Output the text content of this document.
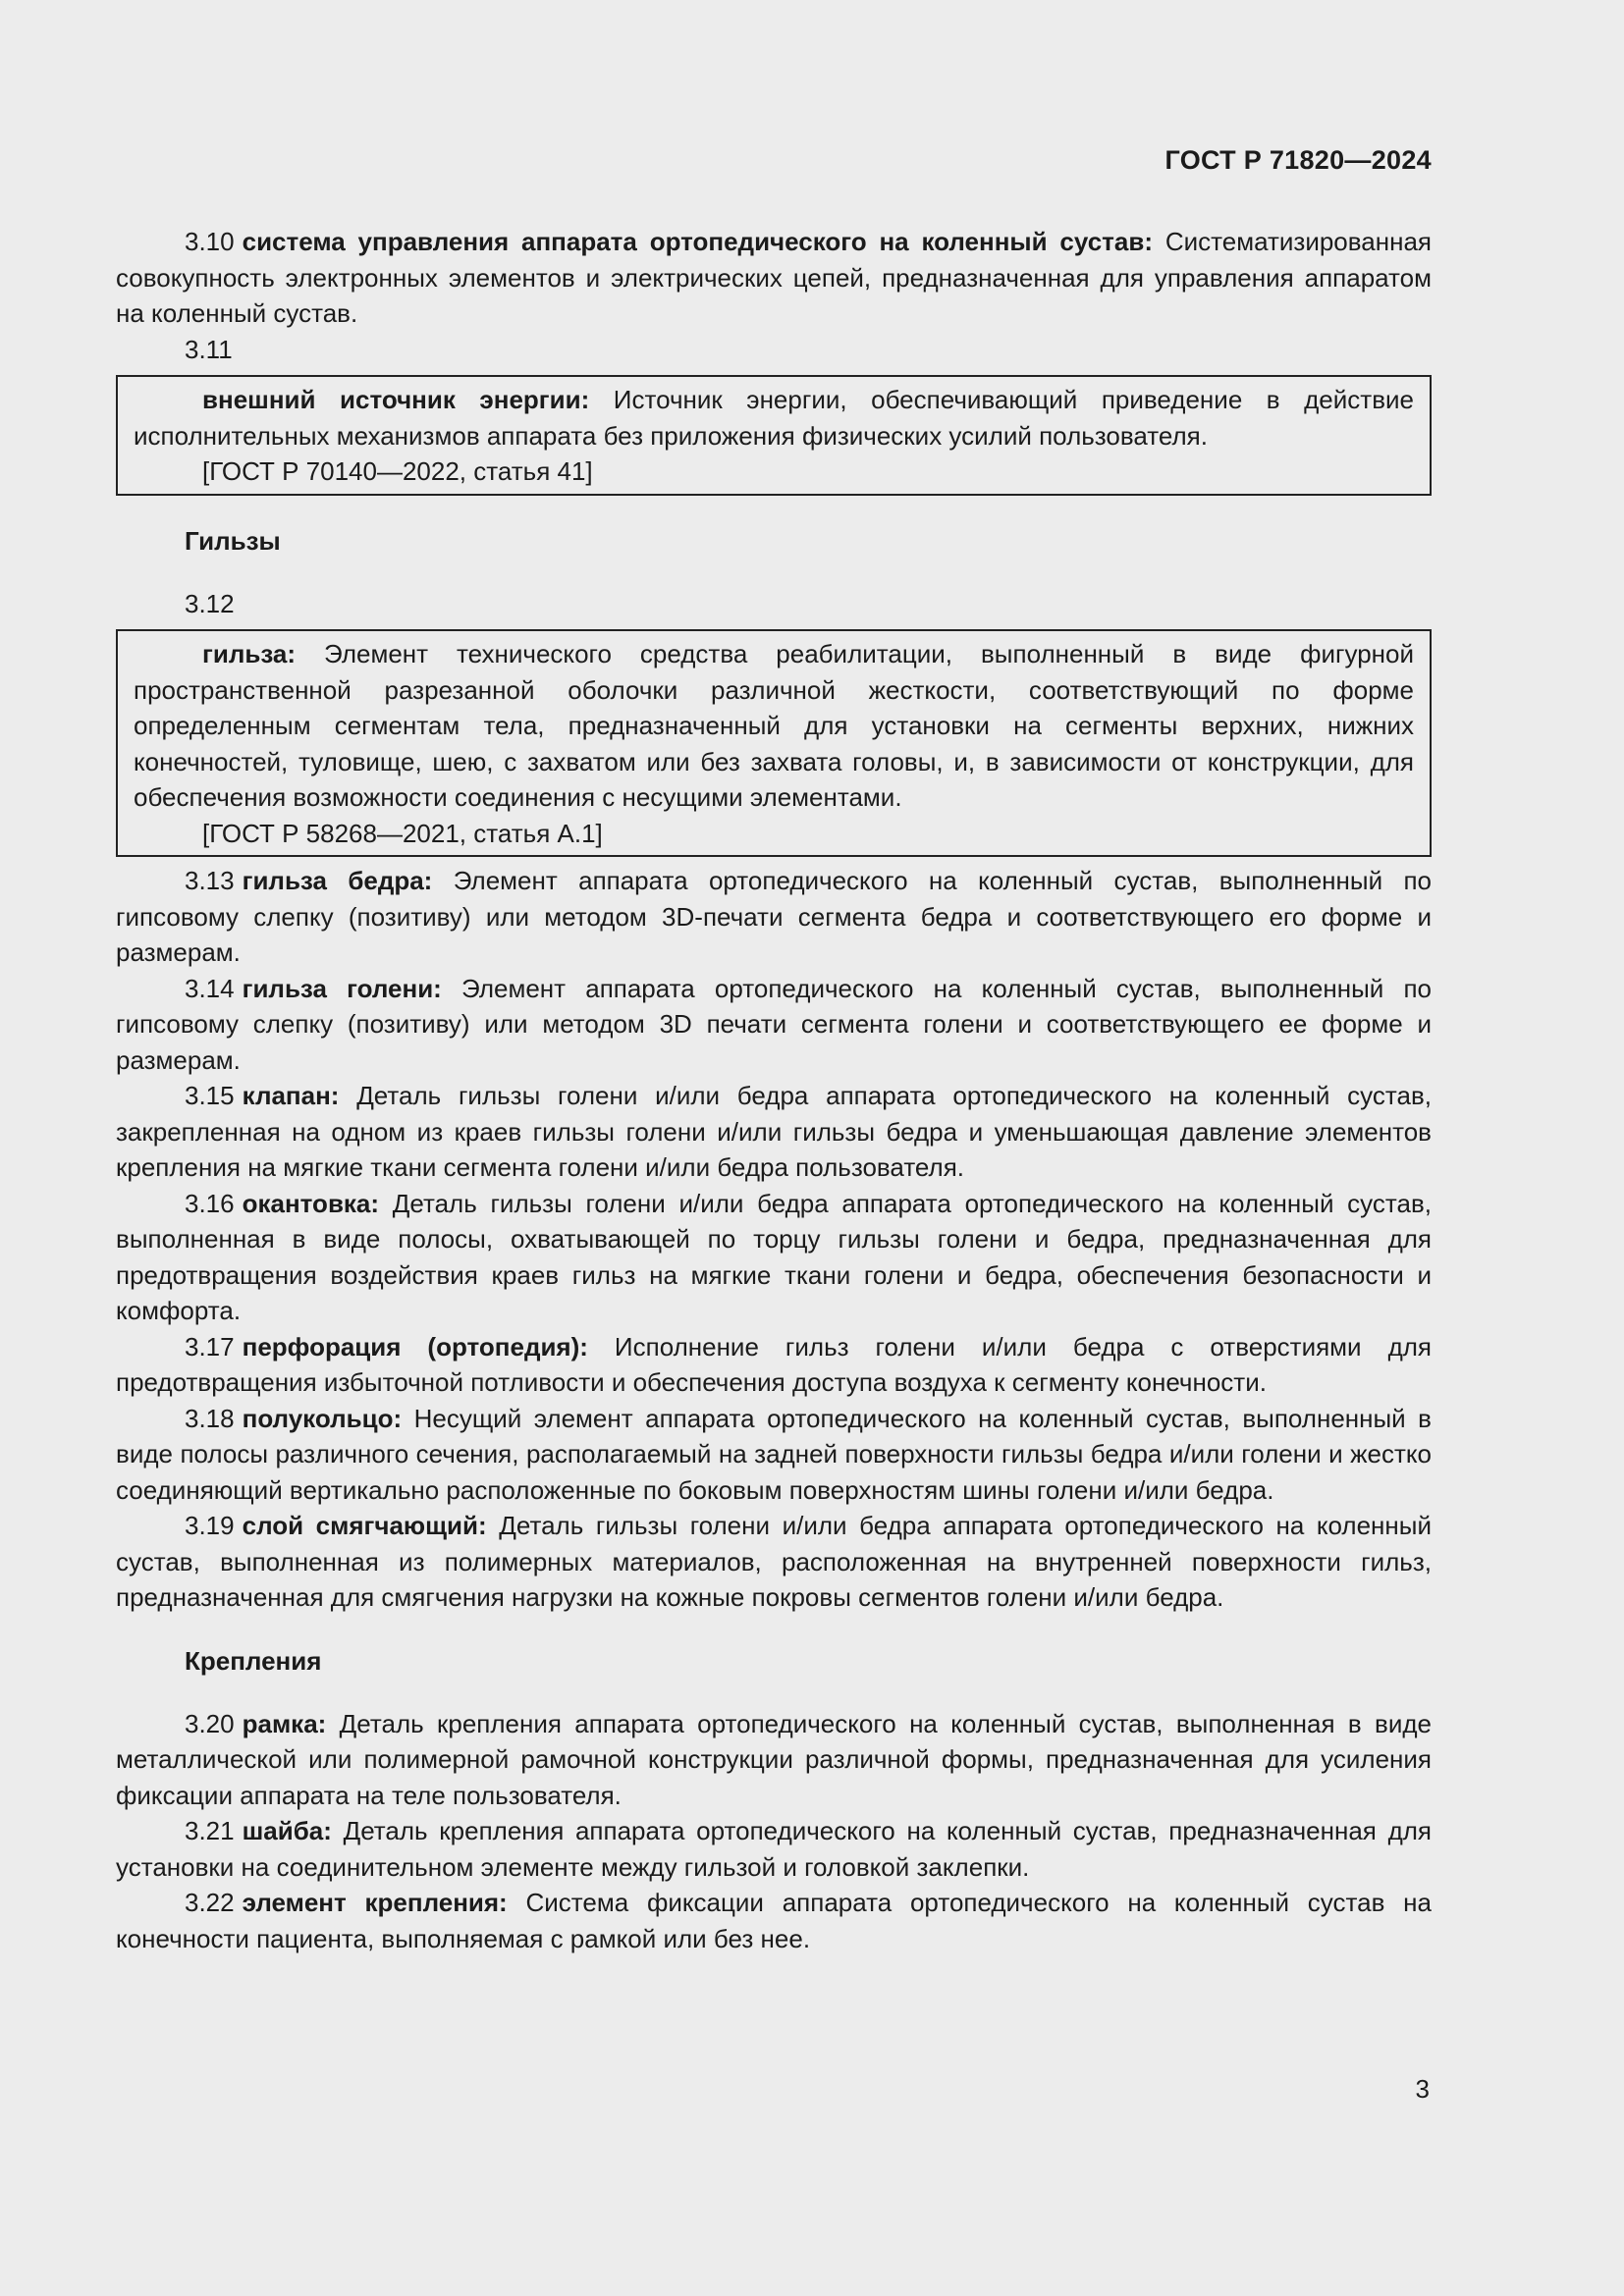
ГОСТ Р 71820—2024

3.10 система управления аппарата ортопедического на коленный сустав: Систематизированная совокупность электронных элементов и электрических цепей, предназначенная для управления аппаратом на коленный сустав.

3.11

внешний источник энергии: Источник энергии, обеспечивающий приведение в действие исполнительных механизмов аппарата без приложения физических усилий пользователя.

[ГОСТ Р 70140—2022, статья 41]

Гильзы

3.12

гильза: Элемент технического средства реабилитации, выполненный в виде фигурной пространственной разрезанной оболочки различной жесткости, соответствующий по форме определенным сегментам тела, предназначенный для установки на сегменты верхних, нижних конечностей, туловище, шею, с захватом или без захвата головы, и, в зависимости от конструкции, для обеспечения возможности соединения с несущими элементами.

[ГОСТ Р 58268—2021, статья А.1]

3.13 гильза бедра: Элемент аппарата ортопедического на коленный сустав, выполненный по гипсовому слепку (позитиву) или методом 3D-печати сегмента бедра и соответствующего его форме и размерам.

3.14 гильза голени: Элемент аппарата ортопедического на коленный сустав, выполненный по гипсовому слепку (позитиву) или методом 3D печати сегмента голени и соответствующего ее форме и размерам.

3.15 клапан: Деталь гильзы голени и/или бедра аппарата ортопедического на коленный сустав, закрепленная на одном из краев гильзы голени и/или гильзы бедра и уменьшающая давление элементов крепления на мягкие ткани сегмента голени и/или бедра пользователя.

3.16 окантовка: Деталь гильзы голени и/или бедра аппарата ортопедического на коленный сустав, выполненная в виде полосы, охватывающей по торцу гильзы голени и бедра, предназначенная для предотвращения воздействия краев гильз на мягкие ткани голени и бедра, обеспечения безопасности и комфорта.

3.17 перфорация (ортопедия): Исполнение гильз голени и/или бедра с отверстиями для предотвращения избыточной потливости и обеспечения доступа воздуха к сегменту конечности.

3.18 полукольцо: Несущий элемент аппарата ортопедического на коленный сустав, выполненный в виде полосы различного сечения, располагаемый на задней поверхности гильзы бедра и/или голени и жестко соединяющий вертикально расположенные по боковым поверхностям шины голени и/или бедра.

3.19 слой смягчающий: Деталь гильзы голени и/или бедра аппарата ортопедического на коленный сустав, выполненная из полимерных материалов, расположенная на внутренней поверхности гильз, предназначенная для смягчения нагрузки на кожные покровы сегментов голени и/или бедра.

Крепления

3.20 рамка: Деталь крепления аппарата ортопедического на коленный сустав, выполненная в виде металлической или полимерной рамочной конструкции различной формы, предназначенная для усиления фиксации аппарата на теле пользователя.

3.21 шайба: Деталь крепления аппарата ортопедического на коленный сустав, предназначенная для установки на соединительном элементе между гильзой и головкой заклепки.

3.22 элемент крепления: Система фиксации аппарата ортопедического на коленный сустав на конечности пациента, выполняемая с рамкой или без нее.

3
